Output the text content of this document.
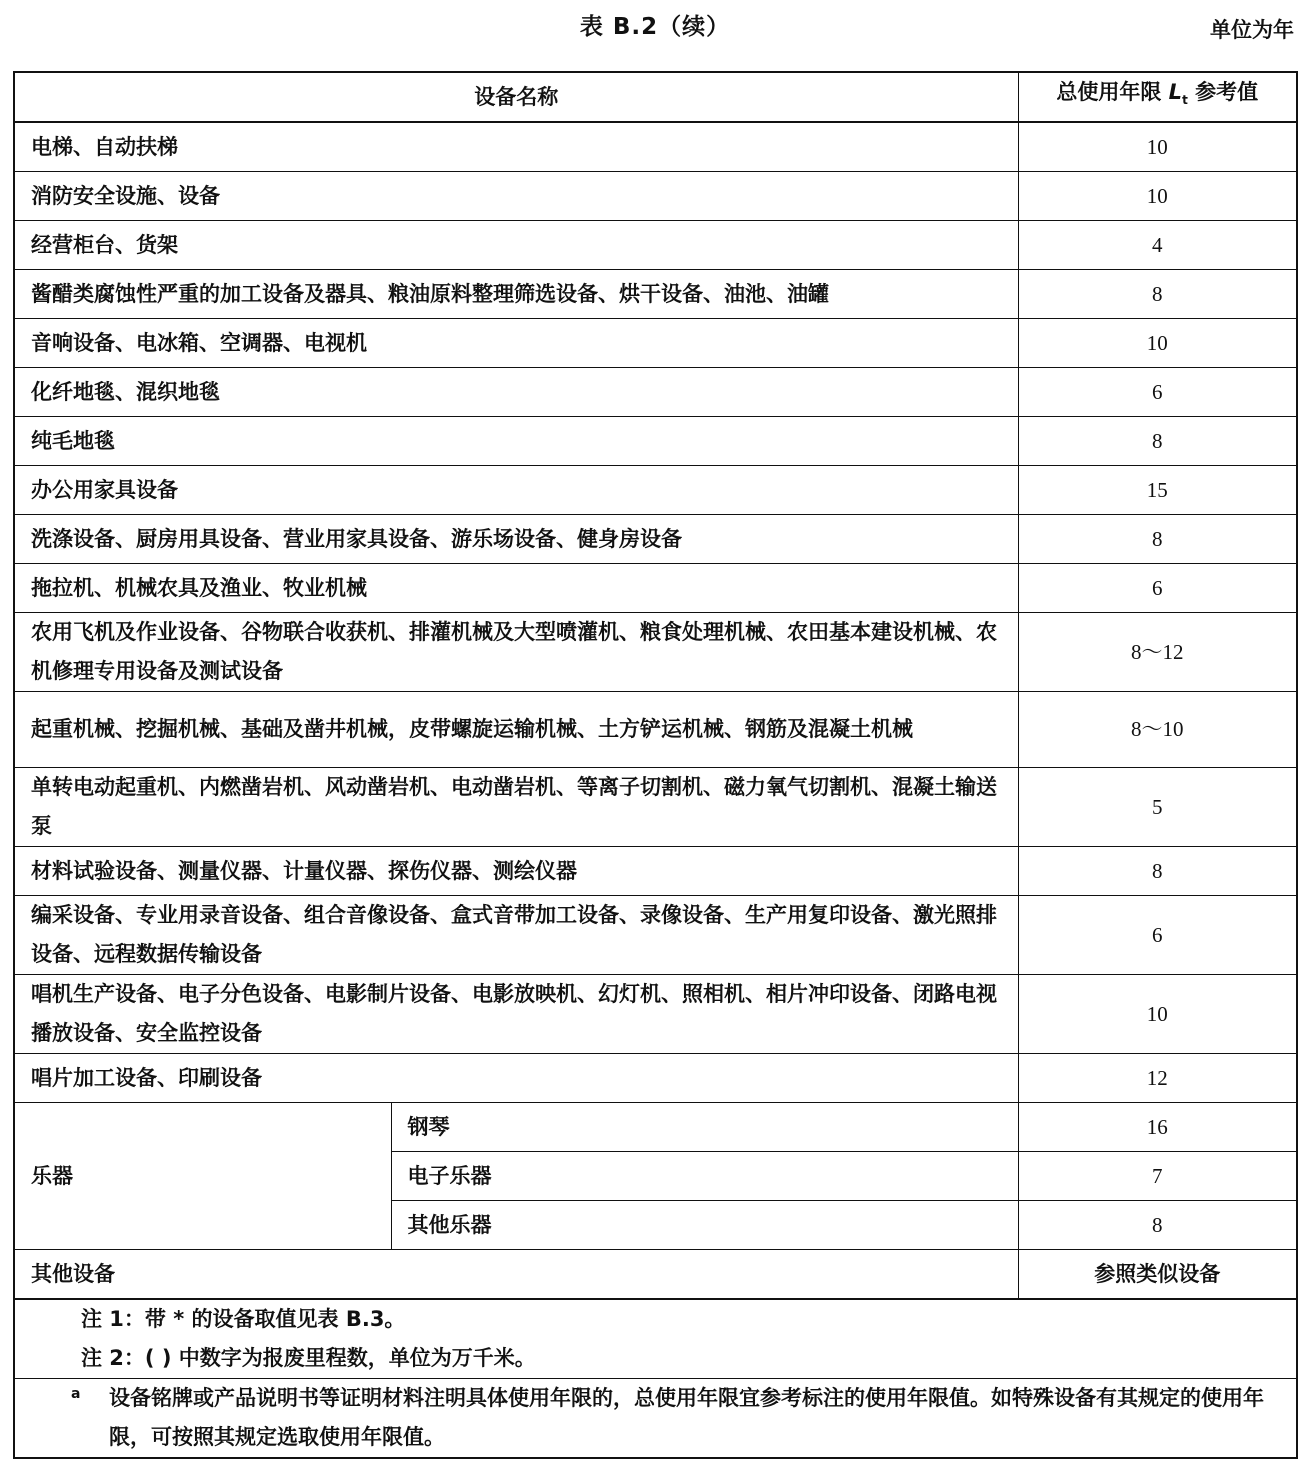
表 B.2（续）	单位为年
设备名称		总使用年限 $L_t$ 参考值
电梯、自动扶梯		10
消防安全设施、设备		10
经营柜台、货架		4
酱醋类腐蚀性严重的加工设备及器具、粮油原料整理筛选设备、烘干设备、油池、油罐		8
音响设备、电冰箱、空调器、电视机		10
化纤地毯、混织地毯		6
纯毛地毯		8
办公用家具设备		15
洗涤设备、厨房用具设备、营业用家具设备、游乐场设备、健身房设备		8
拖拉机、机械农具及渔业、牧业机械		6
农用飞机及作业设备、谷物联合收获机、排灌机械及大型喷灌机、粮食处理机械、农田基本建设机械、农机修理专用设备及测试设备		8～12
起重机械、挖掘机械、基础及凿井机械，皮带螺旋运输机械、土方铲运机械、钢筋及混凝土机械		8～10
单转电动起重机、内燃凿岩机、风动凿岩机、电动凿岩机、等离子切割机、磁力氧气切割机、混凝土输送泵		5
材料试验设备、测量仪器、计量仪器、探伤仪器、测绘仪器		8
编采设备、专业用录音设备、组合音像设备、盒式音带加工设备、录像设备、生产用复印设备、激光照排设备、远程数据传输设备		6
唱机生产设备、电子分色设备、电影制片设备、电影放映机、幻灯机、照相机、相片冲印设备、闭路电视播放设备、安全监控设备		10
唱片加工设备、印刷设备		12
乐器	钢琴	16
	电子乐器	7
	其他乐器	8
其他设备		参照类似设备

注 1：带 * 的设备取值见表 B.3。
注 2：( ) 中数字为报废里程数，单位为万千米。		

a 设备铭牌或产品说明书等证明材料注明具体使用年限的，总使用年限宜参考标注的使用年限值。如特殊设备有其规定的使用年限，可按照其规定选取使用年限值。		
